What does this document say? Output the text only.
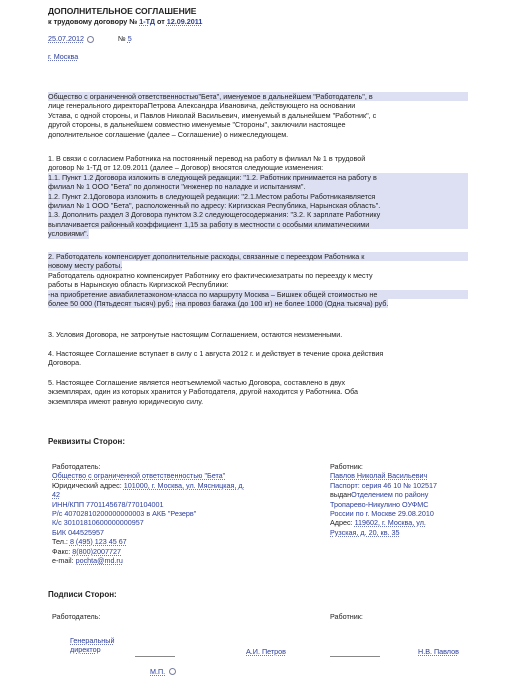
ДОПОЛНИТЕЛЬНОЕ СОГЛАШЕНИЕ
к трудовому договору № 1-ТД от 12.09.2011
25.07.2012	№ 5
г. Москва
Общество с ограниченной ответственностью"Бета", именуемое в дальнейшем "Работодатель", в
лице генерального директораПетрова Александра Ивановича, действующего на основании
Устава, с одной стороны, и Павлов Николай Васильевич, именуемый в дальнейшем "Работник", с
другой стороны, в дальнейшем совместно именуемые "Стороны", заключили настоящее
дополнительное соглашение (далее – Соглашение) о нижеследующем.
1. В связи с согласием Работника на постоянный перевод на работу в филиал № 1 в трудовой
договор № 1-ТД от 12.09.2011 (далее – Договор) вносятся следующие изменения:
1.1. Пункт 1.2 Договора изложить в следующей редакции: "1.2. Работник принимается на работу в
филиал № 1 ООО "Бета" по должности "инженер по наладке и испытаниям".
1.2. Пункт 2.1Договора изложить в следующей редакции: "2.1.Местом работы Работникаявляется
филиал № 1 ООО "Бета", расположенный по адресу: Киргизская Республика, Нарынская область".
1.3. Дополнить раздел 3 Договора пунктом 3.2 следующегосодержания: "3.2. К зарплате Работнику
выплачивается районный коэффициент 1,15 за работу в местности с особыми климатическими
условиями".
2. Работодатель компенсирует дополнительные расходы, связанные с переездом Работника к
новому месту работы.
Работодатель однократно компенсирует Работнику его фактическиезатраты по переезду к месту
работы в Нарынскую область Киргизской Республики:
-на приобретение авиабилетаэконом-класса по маршруту Москва – Бишкек общей стоимостью не
более 50 000 (Пятьдесят тысяч) руб.; -на провоз багажа (до 100 кг) не более 1000 (Одна тысяча) руб.
3. Условия Договора, не затронутые настоящим Соглашением, остаются неизменными.
4. Настоящее Соглашение вступает в силу с 1 августа 2012 г. и действует в течение срока действия
Договора.
5. Настоящее Соглашение является неотъемлемой частью Договора, составлено в двух
экземплярах, один из которых хранится у Работодателя, другой находится у Работника. Оба
экземпляра имеют равную юридическую силу.
Реквизиты Сторон:
Работодатель:
Общество с ограниченной ответственностью "Бета"
Юридический адрес: 101000, г. Москва, ул. Мясницкая, д.
42
ИНН/КПП 7701145678/770104001
Р/с 40702810200000000003 в АКБ "Резерв"
К/с 30101810600000000957
БИК 044525957
Тел.: 8 (495) 123 45 67
Факс: 8(800)2007727
e-mail: pochta@md.ru
Работник:
Павлов Николай Васильевич
Паспорт: серия 46 10 № 102517
выданОтделением по району
Тропарево-Никулино ОУФМС
России по г. Москве 29.08.2010
Адрес: 119602, г. Москва, ул.
Рузская, д. 20, кв. 35
Подписи Сторон:
Работодатель:	Работник:
Генеральный
директор	А.И. Петров	Н.В. Павлов
М.П.
